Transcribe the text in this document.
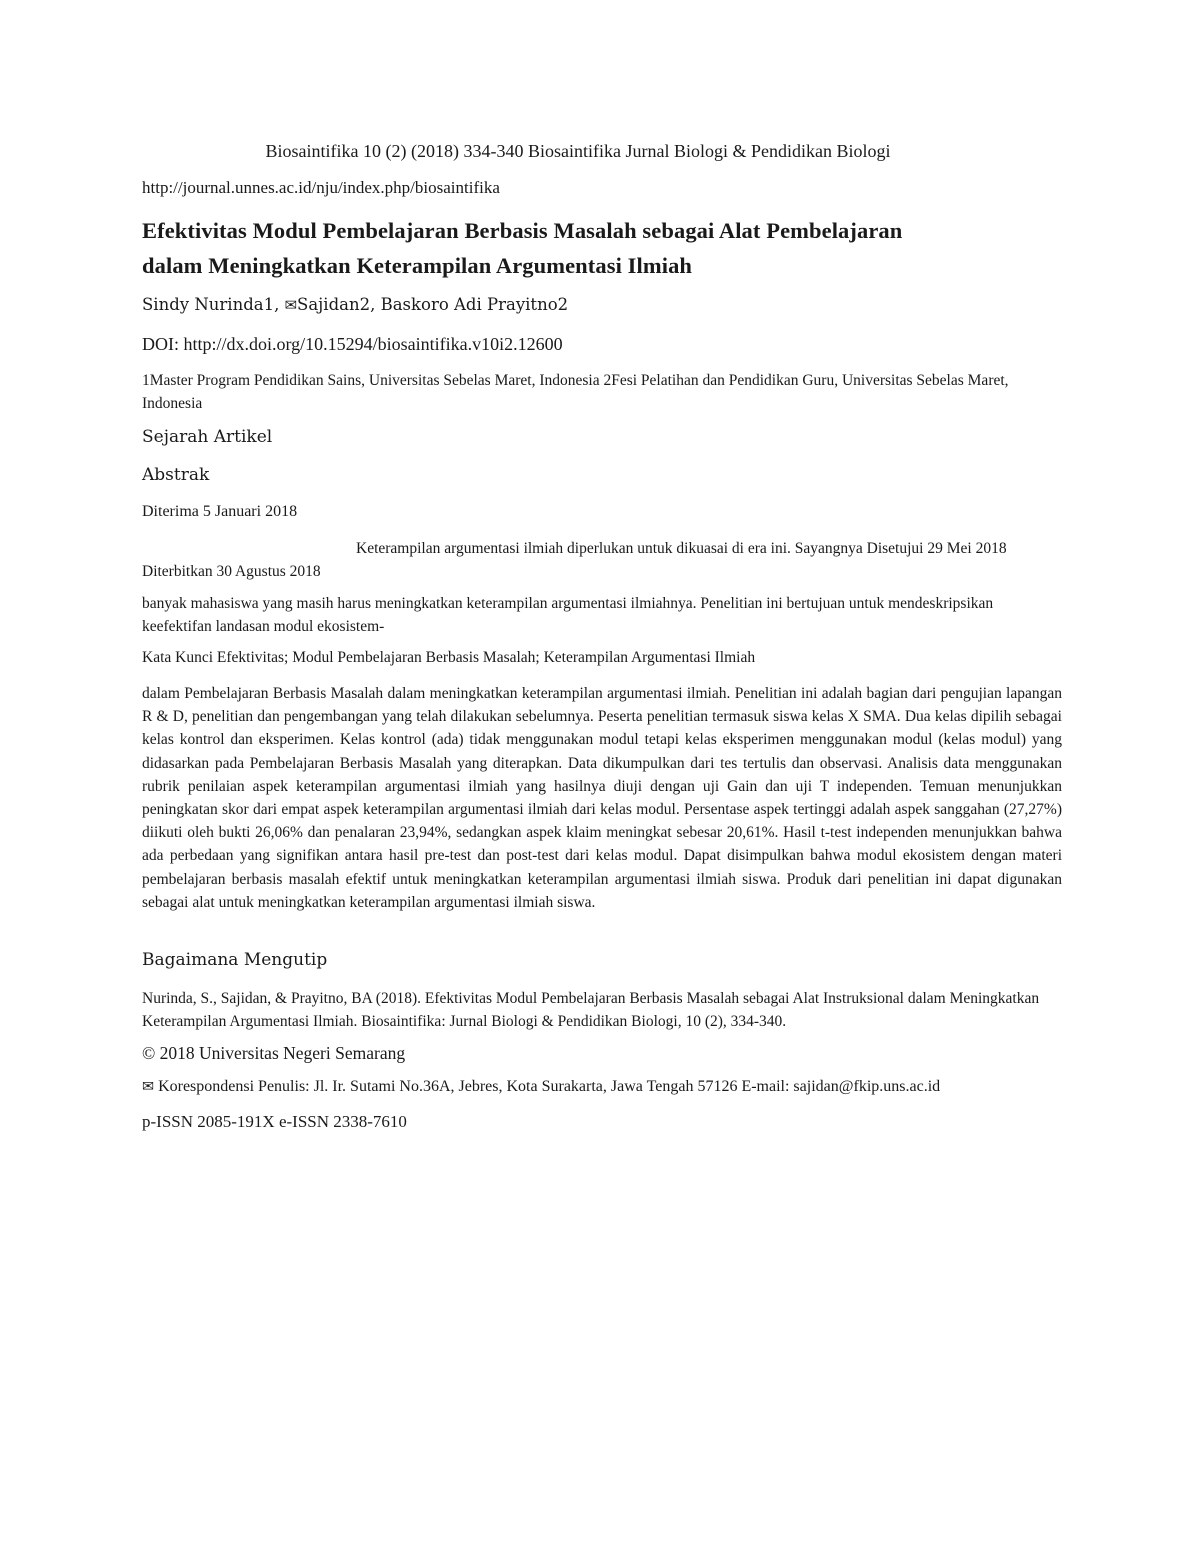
Biosaintifika 10 (2) (2018) 334-340 Biosaintifika Jurnal Biologi & Pendidikan Biologi
http://journal.unnes.ac.id/nju/index.php/biosaintifika
Efektivitas Modul Pembelajaran Berbasis Masalah sebagai Alat Pembelajaran
dalam Meningkatkan Keterampilan Argumentasi Ilmiah
Sindy Nurinda1, ✉Sajidan2, Baskoro Adi Prayitno2
DOI: http://dx.doi.org/10.15294/biosaintifika.v10i2.12600
1Master Program Pendidikan Sains, Universitas Sebelas Maret, Indonesia 2Fesi Pelatihan dan Pendidikan Guru, Universitas Sebelas Maret, Indonesia
Sejarah Artikel
Abstrak
Diterima 5 Januari 2018
Keterampilan argumentasi ilmiah diperlukan untuk dikuasai di era ini. Sayangnya Disetujui 29 Mei 2018 Diterbitkan 30 Agustus 2018
banyak mahasiswa yang masih harus meningkatkan keterampilan argumentasi ilmiahnya. Penelitian ini bertujuan untuk mendeskripsikan keefektifan landasan modul ekosistem-
Kata Kunci Efektivitas; Modul Pembelajaran Berbasis Masalah; Keterampilan Argumentasi Ilmiah
dalam Pembelajaran Berbasis Masalah dalam meningkatkan keterampilan argumentasi ilmiah. Penelitian ini adalah bagian dari pengujian lapangan R & D, penelitian dan pengembangan yang telah dilakukan sebelumnya. Peserta penelitian termasuk siswa kelas X SMA. Dua kelas dipilih sebagai kelas kontrol dan eksperimen. Kelas kontrol (ada) tidak menggunakan modul tetapi kelas eksperimen menggunakan modul (kelas modul) yang didasarkan pada Pembelajaran Berbasis Masalah yang diterapkan. Data dikumpulkan dari tes tertulis dan observasi. Analisis data menggunakan rubrik penilaian aspek keterampilan argumentasi ilmiah yang hasilnya diuji dengan uji Gain dan uji T independen. Temuan menunjukkan peningkatan skor dari empat aspek keterampilan argumentasi ilmiah dari kelas modul. Persentase aspek tertinggi adalah aspek sanggahan (27,27%) diikuti oleh bukti 26,06% dan penalaran 23,94%, sedangkan aspek klaim meningkat sebesar 20,61%. Hasil t-test independen menunjukkan bahwa ada perbedaan yang signifikan antara hasil pre-test dan post-test dari kelas modul. Dapat disimpulkan bahwa modul ekosistem dengan materi pembelajaran berbasis masalah efektif untuk meningkatkan keterampilan argumentasi ilmiah siswa. Produk dari penelitian ini dapat digunakan sebagai alat untuk meningkatkan keterampilan argumentasi ilmiah siswa.
Bagaimana Mengutip
Nurinda, S., Sajidan, & Prayitno, BA (2018). Efektivitas Modul Pembelajaran Berbasis Masalah sebagai Alat Instruksional dalam Meningkatkan Keterampilan Argumentasi Ilmiah. Biosaintifika: Jurnal Biologi & Pendidikan Biologi, 10 (2), 334-340.
© 2018 Universitas Negeri Semarang
✉ Korespondensi Penulis: Jl. Ir. Sutami No.36A, Jebres, Kota Surakarta, Jawa Tengah 57126 E-mail: sajidan@fkip.uns.ac.id
p-ISSN 2085-191X e-ISSN 2338-7610
